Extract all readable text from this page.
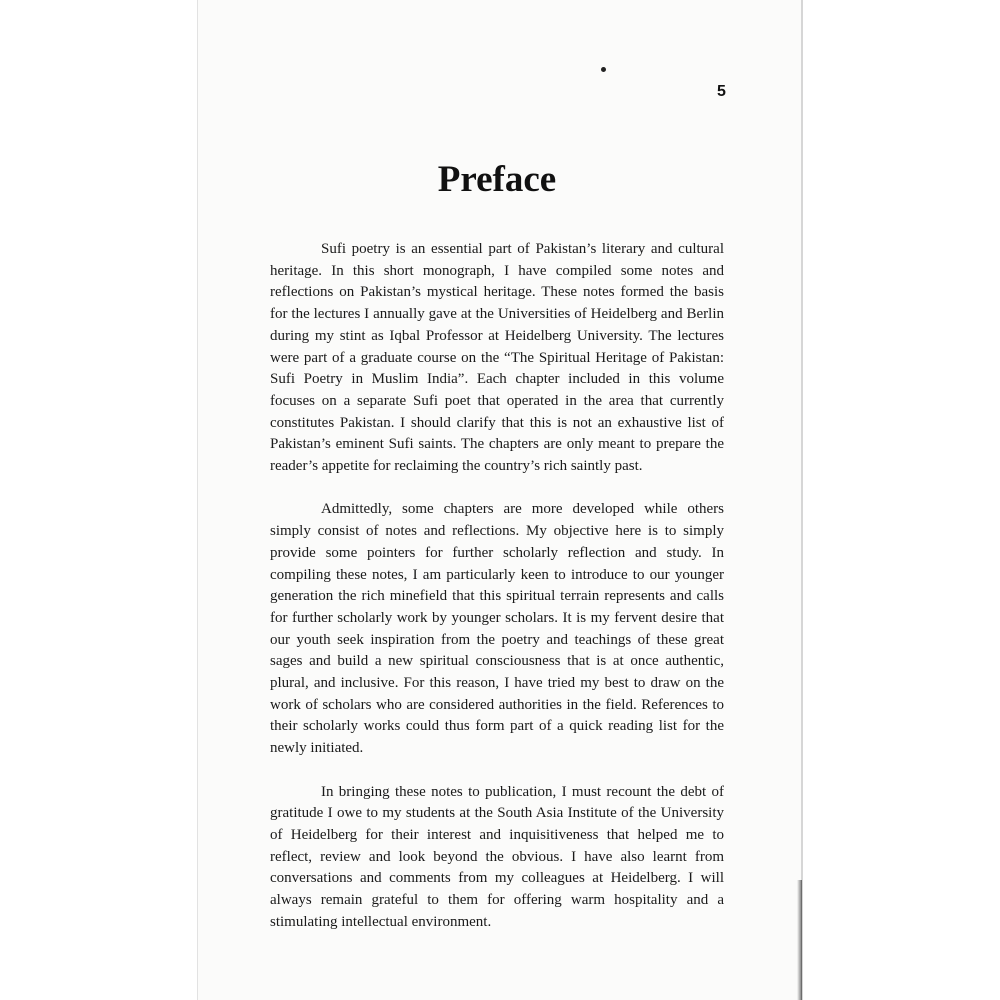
5
Preface

Sufi poetry is an essential part of Pakistan’s literary and cultural heritage. In this short monograph, I have compiled some notes and reflections on Pakistan’s mystical heritage. These notes formed the basis for the lectures I annually gave at the Universities of Heidelberg and Berlin during my stint as Iqbal Professor at Heidelberg University. The lectures were part of a graduate course on the “The Spiritual Heritage of Pakistan: Sufi Poetry in Muslim India”. Each chapter included in this volume focuses on a separate Sufi poet that operated in the area that currently constitutes Pakistan. I should clarify that this is not an exhaustive list of Pakistan’s eminent Sufi saints. The chapters are only meant to prepare the reader’s appetite for reclaiming the country’s rich saintly past.

Admittedly, some chapters are more developed while others simply consist of notes and reflections. My objective here is to simply provide some pointers for further scholarly reflection and study. In compiling these notes, I am particularly keen to introduce to our younger generation the rich minefield that this spiritual terrain represents and calls for further scholarly work by younger scholars. It is my fervent desire that our youth seek inspiration from the poetry and teachings of these great sages and build a new spiritual consciousness that is at once authentic, plural, and inclusive. For this reason, I have tried my best to draw on the work of scholars who are considered authorities in the field. References to their scholarly works could thus form part of a quick reading list for the newly initiated.

In bringing these notes to publication, I must recount the debt of gratitude I owe to my students at the South Asia Institute of the University of Heidelberg for their interest and inquisitiveness that helped me to reflect, review and look beyond the obvious. I have also learnt from conversations and comments from my colleagues at Heidelberg. I will always remain grateful to them for offering warm hospitality and a stimulating intellectual environment.
